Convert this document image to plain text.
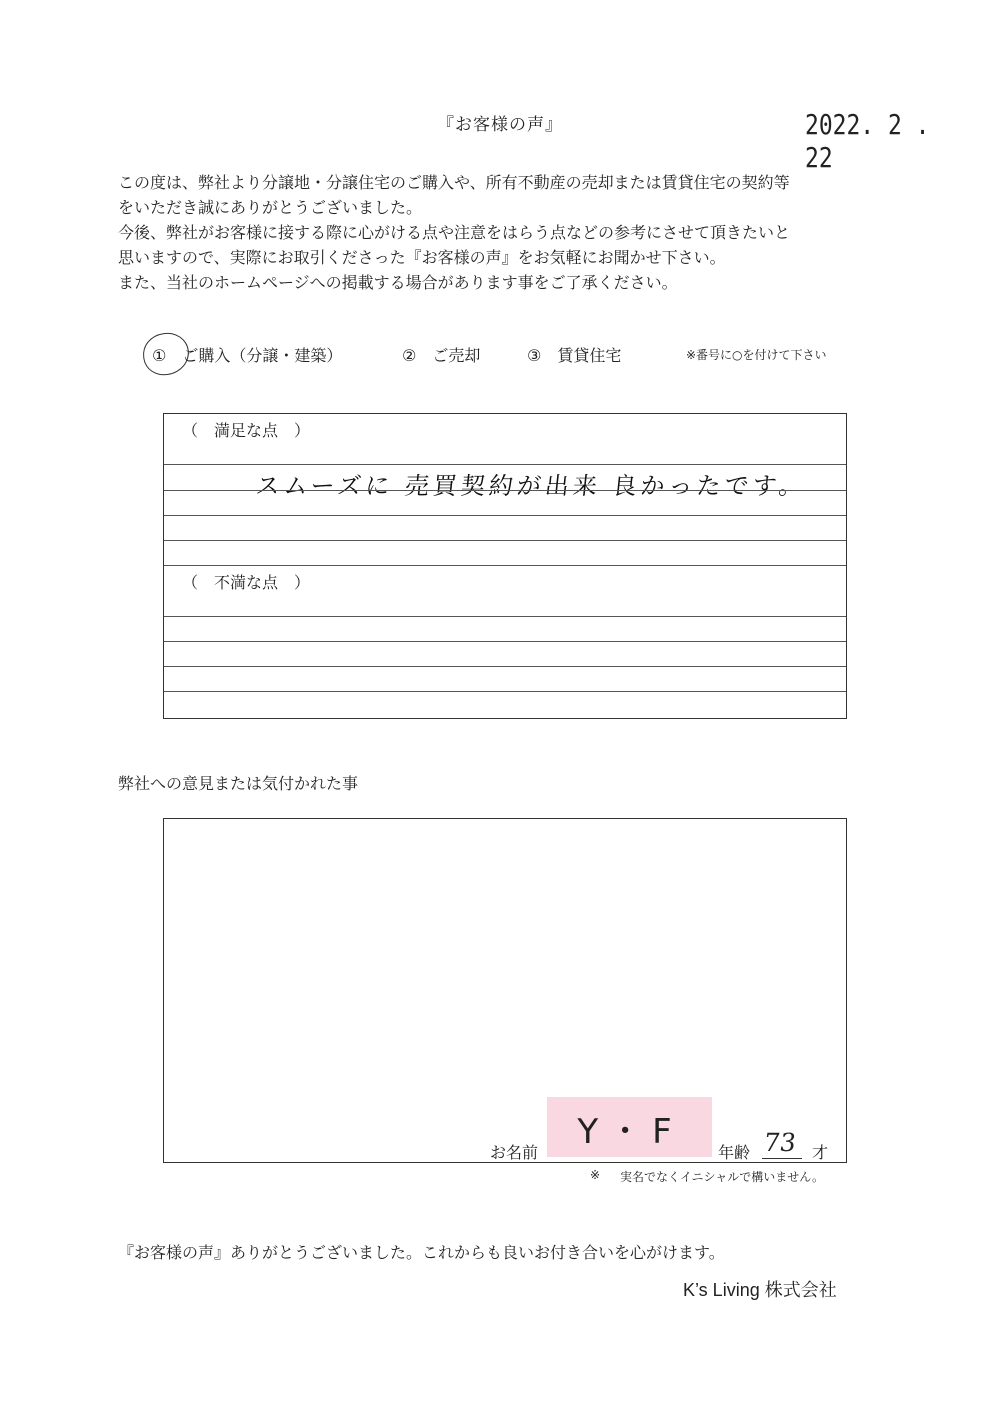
『お客様の声』	2022. 2 . 22
この度は、弊社より分譲地・分譲住宅のご購入や、所有不動産の売却または賃貸住宅の契約等
をいただき誠にありがとうございました。
今後、弊社がお客様に接する際に心がける点や注意をはらう点などの参考にさせて頂きたいと
思いますので、実際にお取引くださった『お客様の声』をお気軽にお聞かせ下さい。
また、当社のホームページへの掲載する場合があります事をご了承ください。
①　ご購入（分譲・建築）	②　ご売却	③　賃貸住宅	※番号に○を付けて下さい
（　満足な点　）
スムーズに 売買契約が出来 良かったです。
（　不満な点　）
弊社への意見または気付かれた事
Y・F
お名前	年齢 73 才
※ 実名でなくイニシャルで構いません。
『お客様の声』ありがとうございました。これからも良いお付き合いを心がけます。
K’s Living 株式会社
